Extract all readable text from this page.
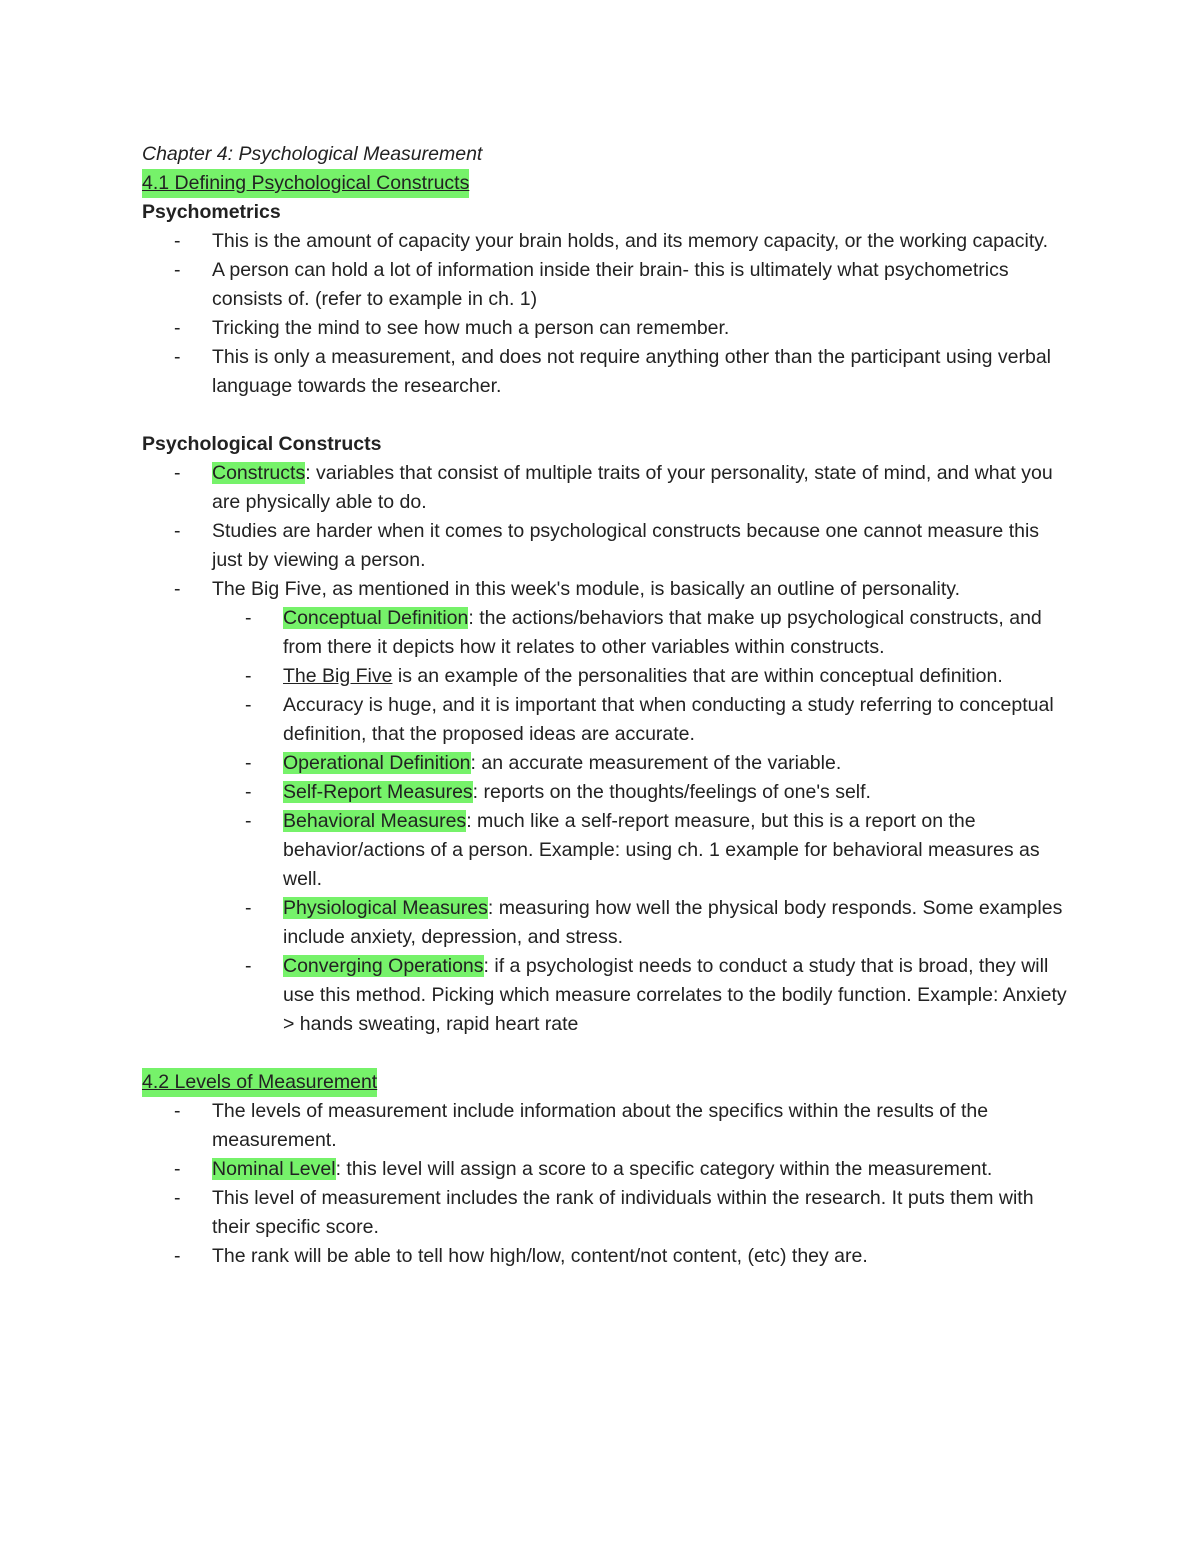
Chapter 4: Psychological Measurement
4.1 Defining Psychological Constructs
Psychometrics
- This is the amount of capacity your brain holds, and its memory capacity, or the working capacity.
- A person can hold a lot of information inside their brain- this is ultimately what psychometrics consists of. (refer to example in ch. 1)
- Tricking the mind to see how much a person can remember.
- This is only a measurement, and does not require anything other than the participant using verbal language towards the researcher.
Psychological Constructs
- Constructs: variables that consist of multiple traits of your personality, state of mind, and what you are physically able to do.
- Studies are harder when it comes to psychological constructs because one cannot measure this just by viewing a person.
- The Big Five, as mentioned in this week's module, is basically an outline of personality.
- Conceptual Definition: the actions/behaviors that make up psychological constructs, and from there it depicts how it relates to other variables within constructs.
- The Big Five is an example of the personalities that are within conceptual definition.
- Accuracy is huge, and it is important that when conducting a study referring to conceptual definition, that the proposed ideas are accurate.
- Operational Definition: an accurate measurement of the variable.
- Self-Report Measures: reports on the thoughts/feelings of one's self.
- Behavioral Measures: much like a self-report measure, but this is a report on the behavior/actions of a person. Example: using ch. 1 example for behavioral measures as well.
- Physiological Measures: measuring how well the physical body responds. Some examples include anxiety, depression, and stress.
- Converging Operations: if a psychologist needs to conduct a study that is broad, they will use this method. Picking which measure correlates to the bodily function. Example: Anxiety > hands sweating, rapid heart rate
4.2 Levels of Measurement
- The levels of measurement include information about the specifics within the results of the measurement.
- Nominal Level: this level will assign a score to a specific category within the measurement.
- This level of measurement includes the rank of individuals within the research. It puts them with their specific score.
- The rank will be able to tell how high/low, content/not content, (etc) they are.
